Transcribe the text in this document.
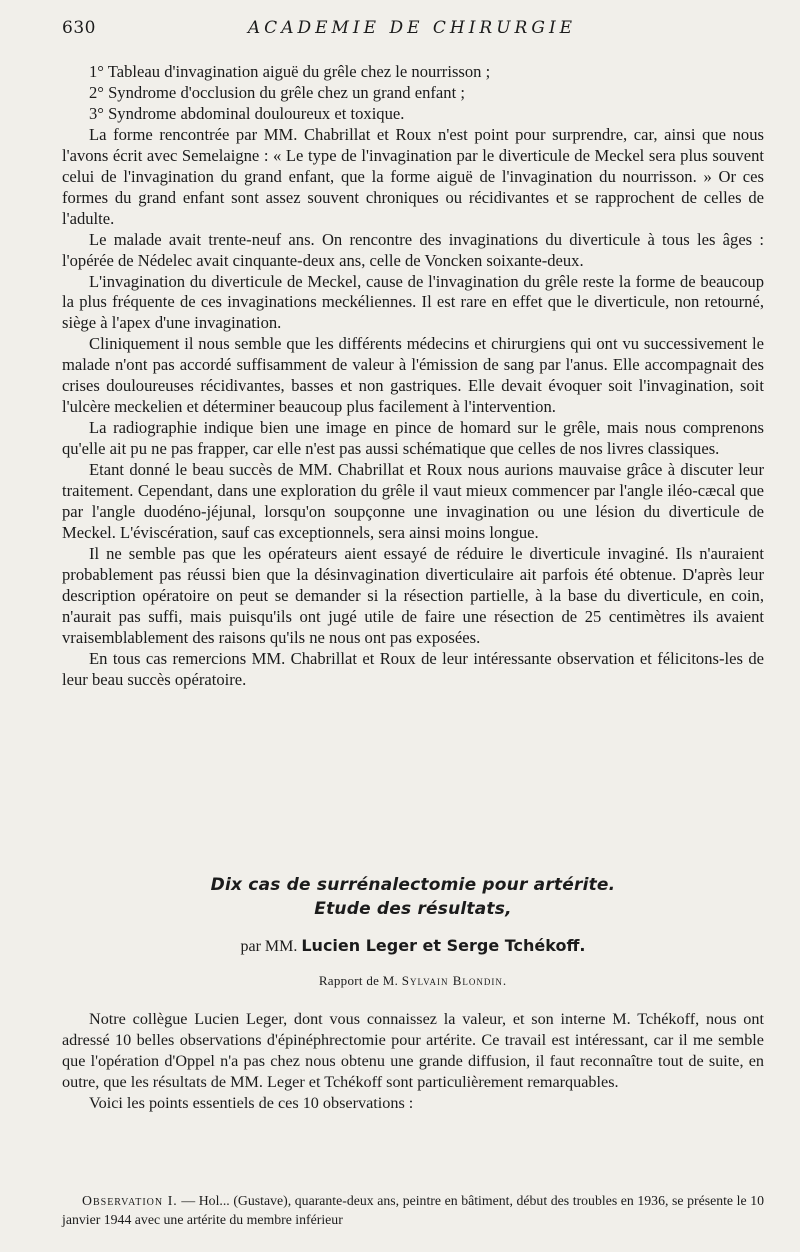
630	ACADEMIE DE CHIRURGIE

1° Tableau d'invagination aiguë du grêle chez le nourrisson ;

2° Syndrome d'occlusion du grêle chez un grand enfant ;

3° Syndrome abdominal douloureux et toxique.

La forme rencontrée par MM. Chabrillat et Roux n'est point pour surprendre, car, ainsi que nous l'avons écrit avec Semelaigne : « Le type de l'invagination par le diverticule de Meckel sera plus souvent celui de l'invagination du grand enfant, que la forme aiguë de l'invagination du nourrisson. » Or ces formes du grand enfant sont assez souvent chroniques ou récidivantes et se rapprochent de celles de l'adulte.

Le malade avait trente-neuf ans. On rencontre des invaginations du diverticule à tous les âges : l'opérée de Nédelec avait cinquante-deux ans, celle de Voncken soixante-deux.

L'invagination du diverticule de Meckel, cause de l'invagination du grêle reste la forme de beaucoup la plus fréquente de ces invaginations meckéliennes. Il est rare en effet que le diverticule, non retourné, siège à l'apex d'une invagination.

Cliniquement il nous semble que les différents médecins et chirurgiens qui ont vu successivement le malade n'ont pas accordé suffisamment de valeur à l'émission de sang par l'anus. Elle accompagnait des crises douloureuses récidivantes, basses et non gastriques. Elle devait évoquer soit l'invagination, soit l'ulcère meckelien et déterminer beaucoup plus facilement à l'intervention.

La radiographie indique bien une image en pince de homard sur le grêle, mais nous comprenons qu'elle ait pu ne pas frapper, car elle n'est pas aussi schématique que celles de nos livres classiques.

Etant donné le beau succès de MM. Chabrillat et Roux nous aurions mauvaise grâce à discuter leur traitement. Cependant, dans une exploration du grêle il vaut mieux commencer par l'angle iléo-cæcal que par l'angle duodéno-jéjunal, lorsqu'on soupçonne une invagination ou une lésion du diverticule de Meckel. L'éviscération, sauf cas exceptionnels, sera ainsi moins longue.

Il ne semble pas que les opérateurs aient essayé de réduire le diverticule invaginé. Ils n'auraient probablement pas réussi bien que la désinvagination diverticulaire ait parfois été obtenue. D'après leur description opératoire on peut se demander si la résection partielle, à la base du diverticule, en coin, n'aurait pas suffi, mais puisqu'ils ont jugé utile de faire une résection de 25 centimètres ils avaient vraisemblablement des raisons qu'ils ne nous ont pas exposées.

En tous cas remercions MM. Chabrillat et Roux de leur intéressante observation et félicitons-les de leur beau succès opératoire.

Dix cas de surrénalectomie pour artérite.

Etude des résultats,

par MM. Lucien Leger et Serge Tchékoff.

Rapport de M. Sylvain Blondin.

Notre collègue Lucien Leger, dont vous connaissez la valeur, et son interne M. Tchékoff, nous ont adressé 10 belles observations d'épinéphrectomie pour artérite. Ce travail est intéressant, car il me semble que l'opération d'Oppel n'a pas chez nous obtenu une grande diffusion, il faut reconnaître tout de suite, en outre, que les résultats de MM. Leger et Tchékoff sont particulièrement remarquables.

Voici les points essentiels de ces 10 observations :

Observation I. — Hol... (Gustave), quarante-deux ans, peintre en bâtiment, début des troubles en 1936, se présente le 10 janvier 1944 avec une artérite du membre inférieur
